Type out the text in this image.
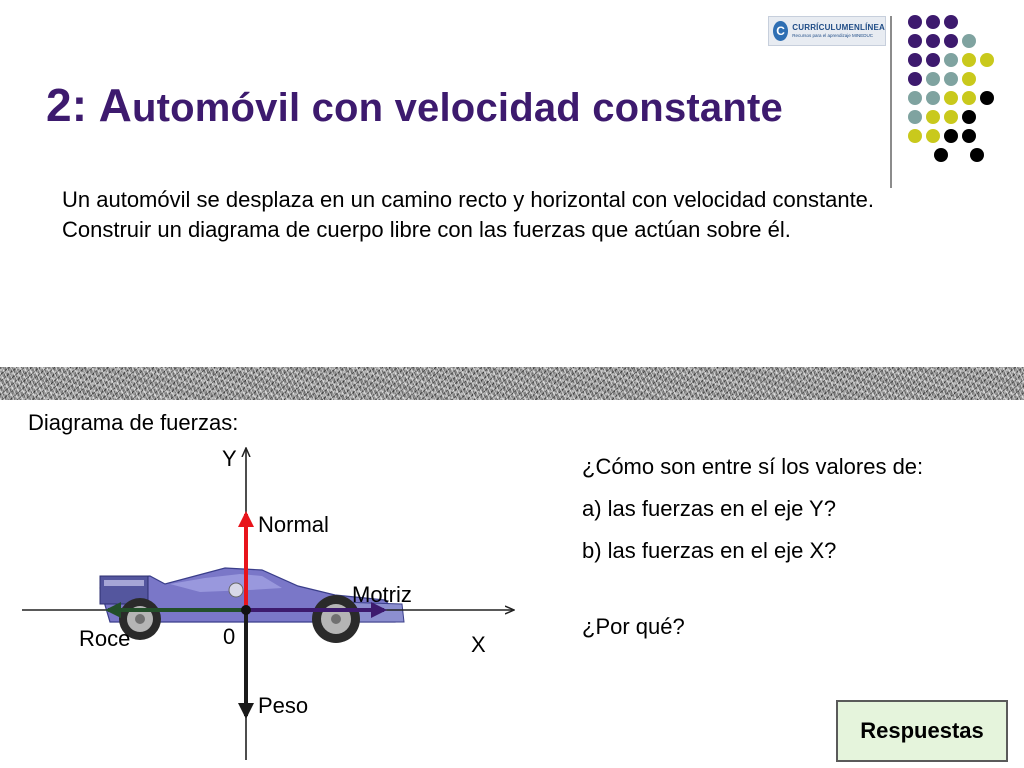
C CURRÍCULUMENLÍNEA
Recursos para el aprendizaje MINEDUC
2: Automóvil con velocidad constante

Un automóvil se desplaza en un camino recto y horizontal con velocidad constante. Construir un diagrama de cuerpo libre con las fuerzas que actúan sobre él.

Diagrama de fuerzas:
Y
Normal
Motriz
Roce	0	X
Peso

¿Cómo son entre sí los valores de:

a) las fuerzas en el eje Y?

b) las fuerzas en el eje X?

¿Por qué?

Respuestas
